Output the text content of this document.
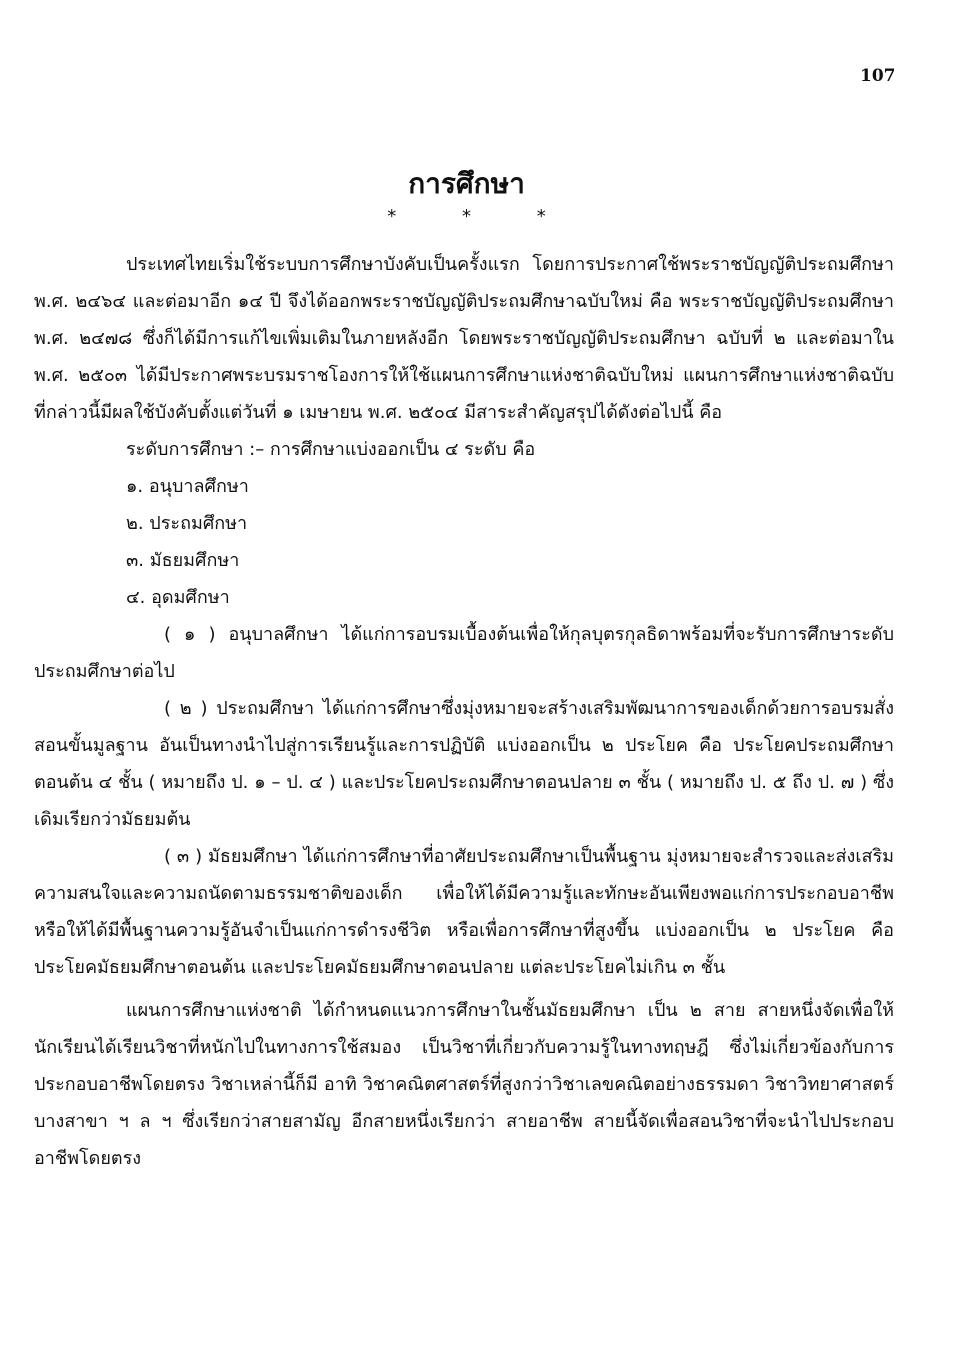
107
การศึกษา
* * *

ประเทศไทยเริ่มใช้ระบบการศึกษาบังคับเป็นครั้งแรก โดยการประกาศใช้พระราชบัญญัติประถมศึกษา พ.ศ. ๒๔๖๔ และต่อมาอีก ๑๔ ปี จึงได้ออกพระราชบัญญัติประถมศึกษาฉบับใหม่ คือ พระราชบัญญัติประถมศึกษา พ.ศ. ๒๔๗๘ ซึ่งก็ได้มีการแก้ไขเพิ่มเติมในภายหลังอีก โดยพระราชบัญญัติประถมศึกษา ฉบับที่ ๒ และต่อมาใน พ.ศ. ๒๕๐๓ ได้มีประกาศพระบรมราชโองการให้ใช้แผนการศึกษาแห่งชาติฉบับใหม่ แผนการศึกษาแห่งชาติฉบับที่กล่าวนี้มีผลใช้บังคับตั้งแต่วันที่ ๑ เมษายน พ.ศ. ๒๕๐๔ มีสาระสำคัญสรุปได้ดังต่อไปนี้ คือ

ระดับการศึกษา :– การศึกษาแบ่งออกเป็น ๔ ระดับ คือ
๑. อนุบาลศึกษา
๒. ประถมศึกษา
๓. มัธยมศึกษา
๔. อุดมศึกษา

( ๑ ) อนุบาลศึกษา ได้แก่การอบรมเบื้องต้นเพื่อให้กุลบุตรกุลธิดาพร้อมที่จะรับการศึกษาระดับประถมศึกษาต่อไป

( ๒ ) ประถมศึกษา ได้แก่การศึกษาซึ่งมุ่งหมายจะสร้างเสริมพัฒนาการของเด็กด้วยการอบรมสั่งสอนขั้นมูลฐาน อันเป็นทางนำไปสู่การเรียนรู้และการปฏิบัติ แบ่งออกเป็น ๒ ประโยค คือ ประโยคประถมศึกษาตอนต้น ๔ ชั้น ( หมายถึง ป. ๑ – ป. ๔ ) และประโยคประถมศึกษาตอนปลาย ๓ ชั้น ( หมายถึง ป. ๕ ถึง ป. ๗ ) ซึ่งเดิมเรียกว่ามัธยมต้น

( ๓ ) มัธยมศึกษา ได้แก่การศึกษาที่อาศัยประถมศึกษาเป็นพื้นฐาน มุ่งหมายจะสำรวจและส่งเสริมความสนใจและความถนัดตามธรรมชาติของเด็ก เพื่อให้ได้มีความรู้และทักษะอันเพียงพอแก่การประกอบอาชีพ หรือให้ได้มีพื้นฐานความรู้อันจำเป็นแก่การดำรงชีวิต หรือเพื่อการศึกษาที่สูงขึ้น แบ่งออกเป็น ๒ ประโยค คือ ประโยคมัธยมศึกษาตอนต้น และประโยคมัธยมศึกษาตอนปลาย แต่ละประโยคไม่เกิน ๓ ชั้น

แผนการศึกษาแห่งชาติ ได้กำหนดแนวการศึกษาในชั้นมัธยมศึกษา เป็น ๒ สาย สายหนึ่งจัดเพื่อให้นักเรียนได้เรียนวิชาที่หนักไปในทางการใช้สมอง เป็นวิชาที่เกี่ยวกับความรู้ในทางทฤษฎี ซึ่งไม่เกี่ยวข้องกับการประกอบอาชีพโดยตรง วิชาเหล่านี้ก็มี อาทิ วิชาคณิตศาสตร์ที่สูงกว่าวิชาเลขคณิตอย่างธรรมดา วิชาวิทยาศาสตร์บางสาขา ฯ ล ฯ ซึ่งเรียกว่าสายสามัญ อีกสายหนึ่งเรียกว่า สายอาชีพ สายนี้จัดเพื่อสอนวิชาที่จะนำไปประกอบอาชีพโดยตรง
